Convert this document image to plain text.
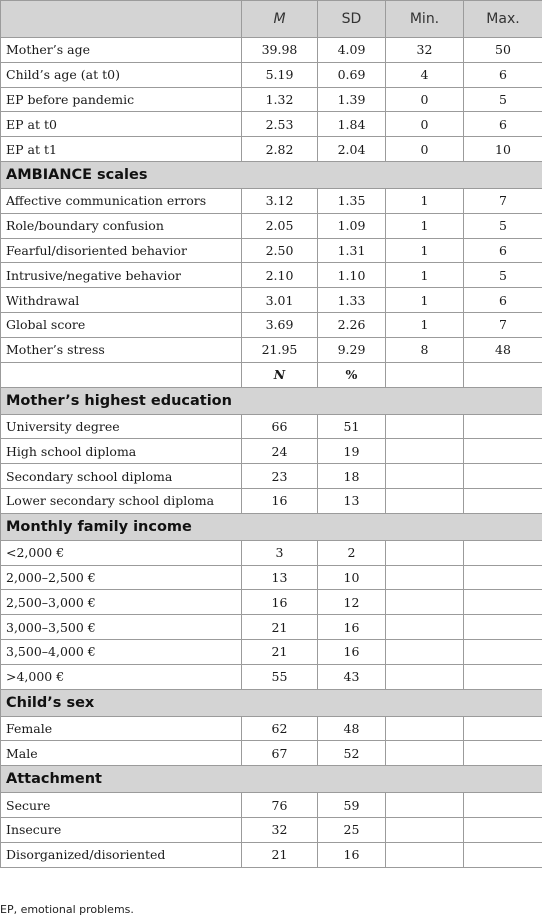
	M	SD	Min.	Max.
Mother’s age	39.98	4.09	32	50
Child’s age (at t0)	5.19	0.69	4	6
EP before pandemic	1.32	1.39	0	5
EP at t0	2.53	1.84	0	6
EP at t1	2.82	2.04	0	10
AMBIANCE scales				
Affective communication errors	3.12	1.35	1	7
Role/boundary confusion	2.05	1.09	1	5
Fearful/disoriented behavior	2.50	1.31	1	6
Intrusive/negative behavior	2.10	1.10	1	5
Withdrawal	3.01	1.33	1	6
Global score	3.69	2.26	1	7
Mother’s stress	21.95	9.29	8	48
	N	%		
Mother’s highest education				
University degree	66	51		
High school diploma	24	19		
Secondary school diploma	23	18		
Lower secondary school diploma	16	13		
Monthly family income				
<2,000 €	3	2		
2,000–2,500 €	13	10		
2,500–3,000 €	16	12		
3,000–3,500 €	21	16		
3,500–4,000 €	21	16		
>4,000 €	55	43		
Child’s sex				
Female	62	48		
Male	67	52		
Attachment				
Secure	76	59		
Insecure	32	25		
Disorganized/disoriented	21	16		
EP, emotional problems.
